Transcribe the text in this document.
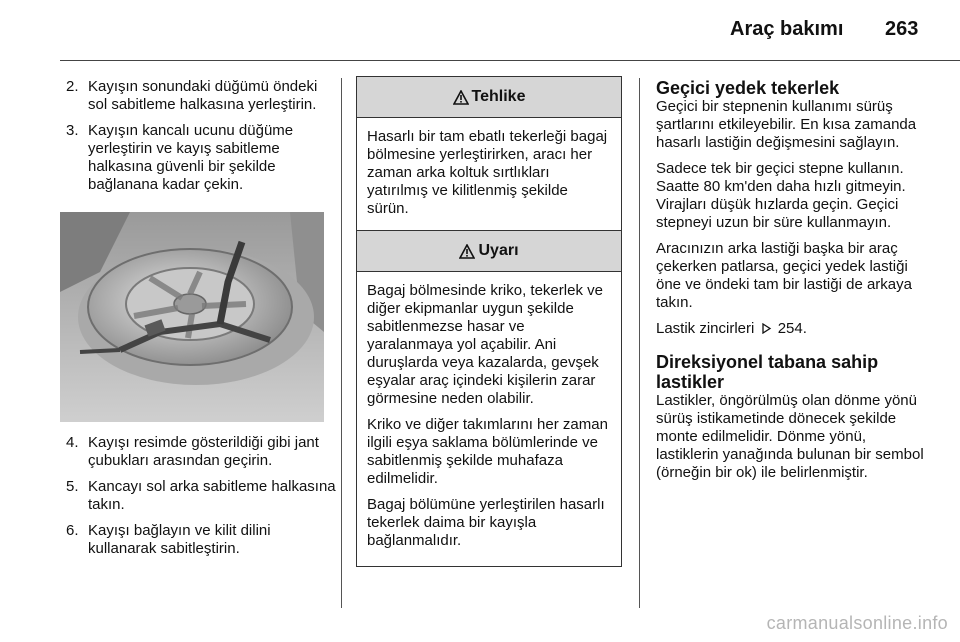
Araç bakımı 263
2. Kayışın sonundaki düğümü öndeki sol sabitleme halkasına yerleştirin.
3. Kayışın kancalı ucunu düğüme yerleştirin ve kayış sabitleme halkasına güvenli bir şekilde bağlanana kadar çekin.
4. Kayışı resimde gösterildiği gibi jant çubukları arasından geçirin.
5. Kancayı sol arka sabitleme halkasına takın.
6. Kayışı bağlayın ve kilit dilini kullanarak sabitleştirin.
Tehlike

Hasarlı bir tam ebatlı tekerleği bagaj bölmesine yerleştirirken, aracı her zaman arka koltuk sırtlıkları yatırılmış ve kilitlenmiş şekilde sürün.

Uyarı

Bagaj bölmesinde kriko, tekerlek ve diğer ekipmanlar uygun şekilde sabitlenmezse hasar ve yaralanmaya yol açabilir. Ani duruşlarda veya kazalarda, gevşek eşyalar araç içindeki kişilerin zarar görmesine neden olabilir.

Kriko ve diğer takımlarını her zaman ilgili eşya saklama bölümlerinde ve sabitlenmiş şekilde muhafaza edilmelidir.

Bagaj bölümüne yerleştirilen hasarlı tekerlek daima bir kayışla bağlanmalıdır.

Geçici yedek tekerlek

Geçici bir stepnenin kullanımı sürüş şartlarını etkileyebilir. En kısa zamanda hasarlı lastiğin değişmesini sağlayın.

Sadece tek bir geçici stepne kullanın. Saatte 80 km'den daha hızlı gitmeyin. Virajları düşük hızlarda geçin. Geçici stepneyi uzun bir süre kullanmayın.

Aracınızın arka lastiği başka bir araç çekerken patlarsa, geçici yedek lastiği öne ve öndeki tam bir lastiği de arkaya takın.

Lastik zincirleri 254.

Direksiyonel tabana sahip lastikler

Lastikler, öngörülmüş olan dönme yönü sürüş istikametinde dönecek şekilde monte edilmelidir. Dönme yönü, lastiklerin yanağında bulunan bir sembol (örneğin bir ok) ile belirlenmiştir.

carmanualsonline.info
